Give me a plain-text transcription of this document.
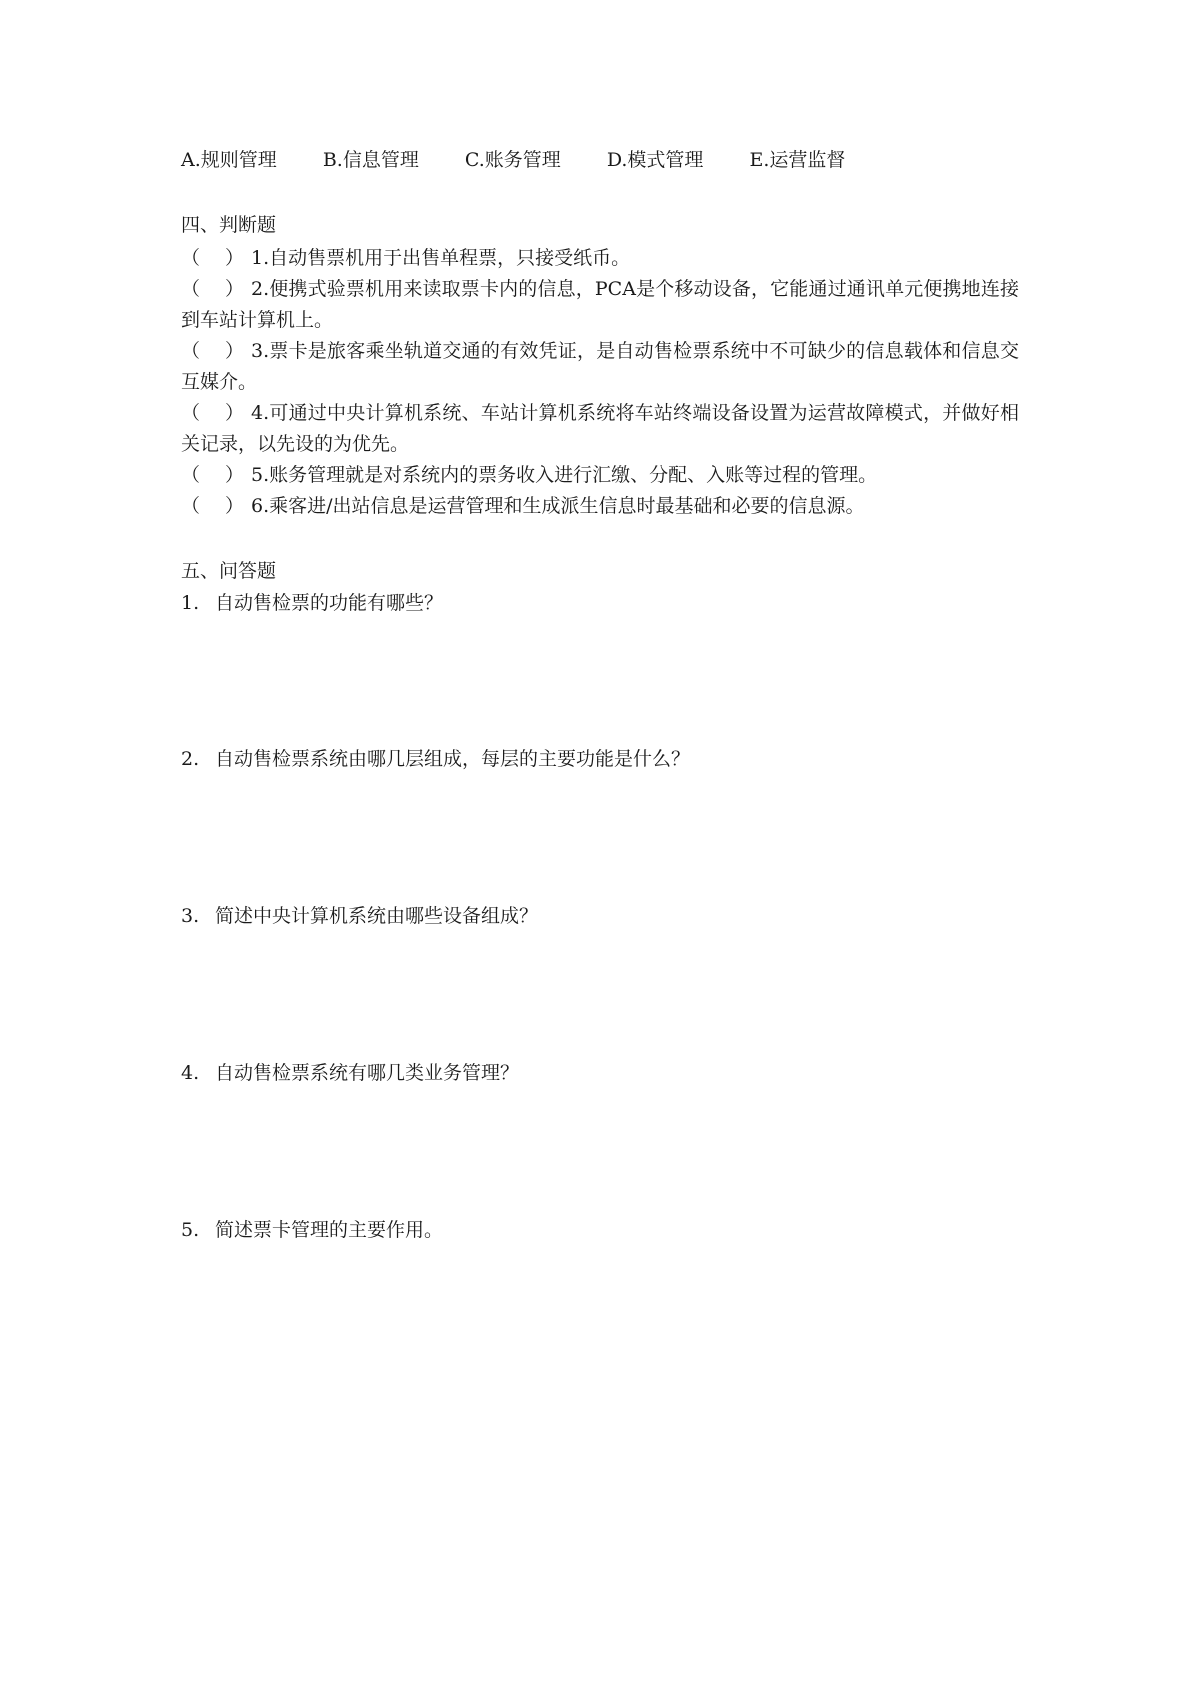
A.规则管理 B.信息管理 C.账务管理 D.模式管理 E.运营监督
四、判断题
（　 ） 1.自动售票机用于出售单程票，只接受纸币。
（　 ） 2.便携式验票机用来读取票卡内的信息，PCA是个移动设备，它能通过通讯单元便携地连接到车站计算机上。
（　 ） 3.票卡是旅客乘坐轨道交通的有效凭证，是自动售检票系统中不可缺少的信息载体和信息交互媒介。
（　 ） 4.可通过中央计算机系统、车站计算机系统将车站终端设备设置为运营故障模式，并做好相关记录，以先设的为优先。
（　 ） 5.账务管理就是对系统内的票务收入进行汇缴、分配、入账等过程的管理。
（　 ） 6.乘客进/出站信息是运营管理和生成派生信息时最基础和必要的信息源。
五、问答题
1. 自动售检票的功能有哪些？
2. 自动售检票系统由哪几层组成，每层的主要功能是什么？
3. 简述中央计算机系统由哪些设备组成？
4. 自动售检票系统有哪几类业务管理？
5. 简述票卡管理的主要作用。
